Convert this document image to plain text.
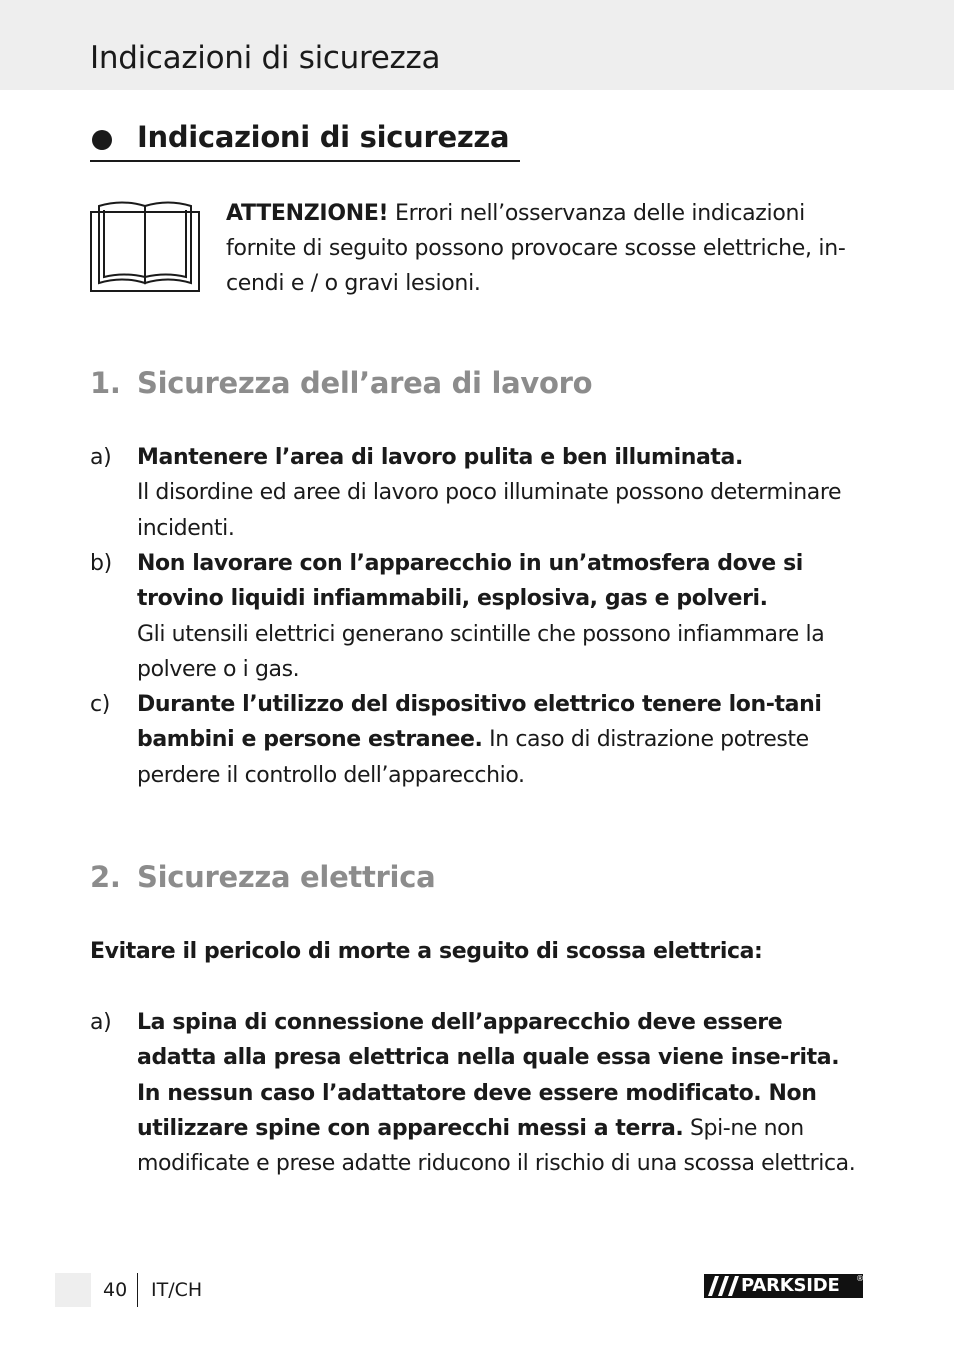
Indicazioni di sicurezza
Indicazioni di sicurezza
ATTENZIONE! Errori nell’osservanza delle indicazioni fornite di seguito possono provocare scosse elettriche, in-cendi e / o gravi lesioni.
1. Sicurezza dell’area di lavoro
a) Mantenere l’area di lavoro pulita e ben illuminata.
Il disordine ed aree di lavoro poco illuminate possono determinare incidenti.
b) Non lavorare con l’apparecchio in un’atmosfera dove si trovino liquidi infiammabili, esplosiva, gas e polveri.
Gli utensili elettrici generano scintille che possono infiammare la polvere o i gas.
c) Durante l’utilizzo del dispositivo elettrico tenere lon-tani bambini e persone estranee. In caso di distrazione potreste perdere il controllo dell’apparecchio.
2. Sicurezza elettrica
Evitare il pericolo di morte a seguito di scossa elettrica:
a) La spina di connessione dell’apparecchio deve essere adatta alla presa elettrica nella quale essa viene inse-rita. In nessun caso l’adattatore deve essere modificato. Non utilizzare spine con apparecchi messi a terra. Spi-ne non modificate e prese adatte riducono il rischio di una scossa elettrica.
40 IT/CH	PARKSIDE ®
